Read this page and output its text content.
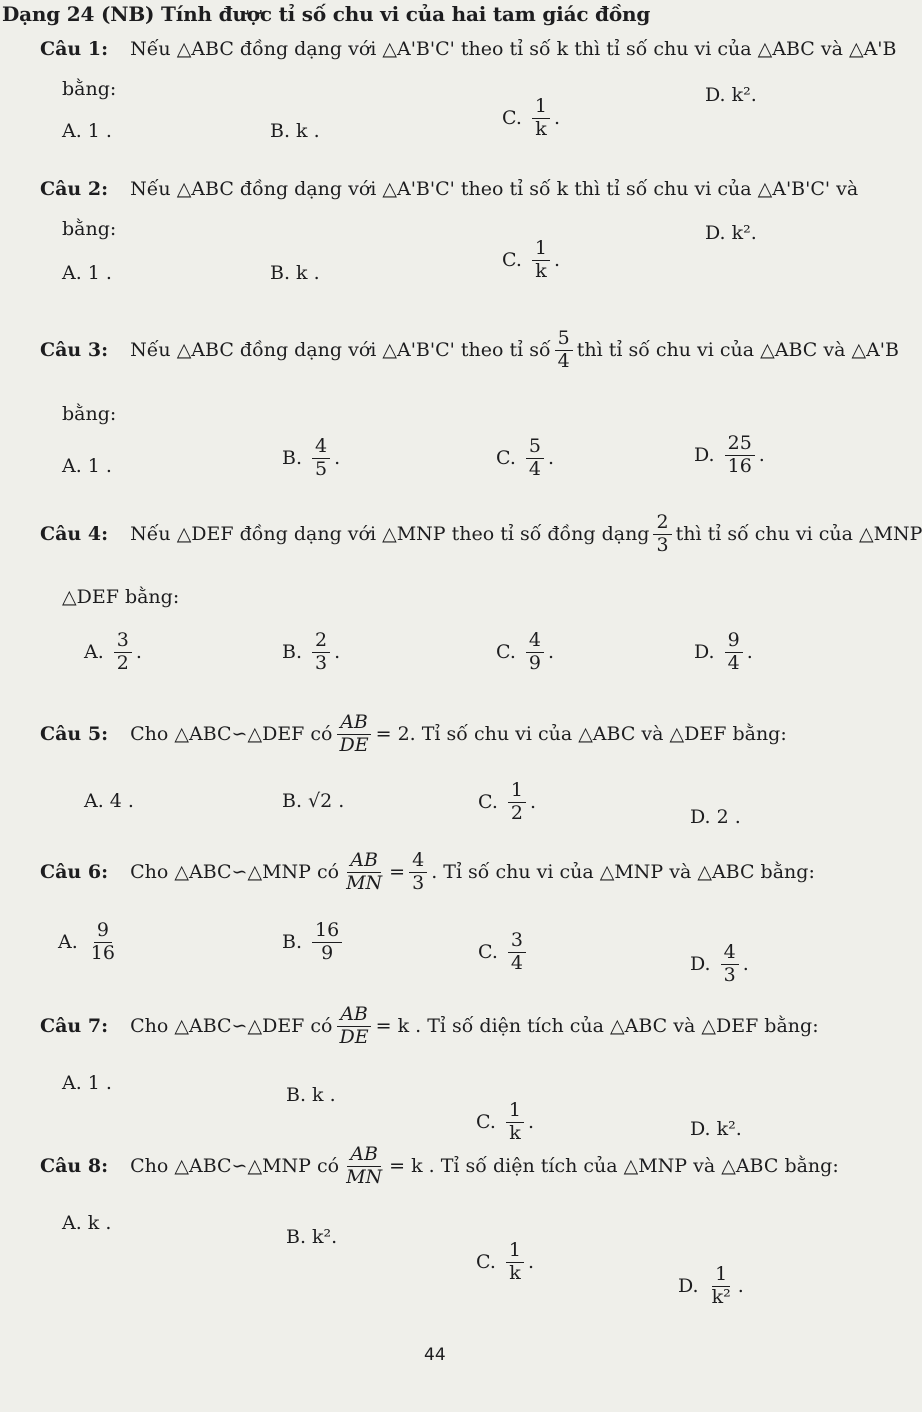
Dạng 24 (NB) Tính được tỉ số chu vi của hai tam giác đồng
Câu 1: Nếu △ABC đồng dạng với △A'B'C' theo tỉ số k thì tỉ số chu vi của △ABC và △A'B
bằng:
A. 1 .	B. k .
C. $\frac{1}{k}$ .
D. k².
Câu 2: Nếu △ABC đồng dạng với △A'B'C' theo tỉ số k thì tỉ số chu vi của △A'B'C' và
bằng:
A. 1 .	B. k .
C. $\frac{1}{k}$ .
D. k².
Câu 3: Nếu △ABC đồng dạng với △A'B'C' theo tỉ số $\frac{5}{4}$ thì tỉ số chu vi của △ABC và △A'B
bằng:
A. 1 .	B. $\frac{4}{5}$ .	C. $\frac{5}{4}$ .	D. $\frac{25}{16}$ .
Câu 4: Nếu △DEF đồng dạng với △MNP theo tỉ số đồng dạng $\frac{2}{3}$ thì tỉ số chu vi của △MNP
△DEF bằng:
A. $\frac{3}{2}$ .	B. $\frac{2}{3}$ .	C. $\frac{4}{9}$ .	D. $\frac{9}{4}$ .
Câu 5: Cho △ABC∽△DEF có $\frac{AB}{DE} = 2$. Tỉ số chu vi của △ABC và △DEF bằng:
A. 4 .	B. √2 .	C. $\frac{1}{2}$ .
D. 2 .
Câu 6: Cho △ABC∽△MNP có $\frac{AB}{MN} = \frac{4}{3}$ . Tỉ số chu vi của △MNP và △ABC bằng:
A. $\frac{9}{16}$	B. $\frac{16}{9}$	C. $\frac{3}{4}$	D. $\frac{4}{3}$ .
Câu 7: Cho △ABC∽△DEF có $\frac{AB}{DE} = k$ . Tỉ số diện tích của △ABC và △DEF bằng:
A. 1 .
B. k .
C. $\frac{1}{k}$ .	D. k².
Câu 8: Cho △ABC∽△MNP có $\frac{AB}{MN} = k$ . Tỉ số diện tích của △MNP và △ABC bằng:
A. k .
B. k².
C. $\frac{1}{k}$ .
D. $\frac{1}{\text{k²}}$ .
44
